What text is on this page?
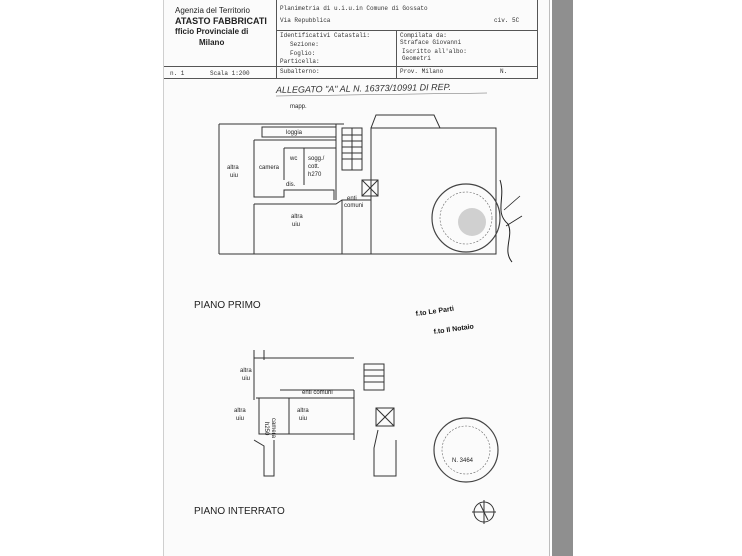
Agenzia del Territorio
ATASTO FABBRICATI
fficio Provinciale di
Milano
Planimetria di u.i.u.in Comune di Gossato
Via Repubblica	civ. 5C
Identificativi Catastali:
Sezione:
Foglio:
Particella:
Subalterno:
Compilata da:
Straface Giovanni
Iscritto all'albo:
Geometri
Prov. Milano	N.
n. 1	Scala 1:200
ALLEGATO "A" AL N. 16373/10991 DI REP.
mapp.
loggia
wc sogg./
cott.
h270
camera
dis.
altra
uiu
altra
uiu
enti
comuni
PIANO PRIMO
f.to Le Parti
f.to Il Notaio
altra
uiu
enti comuni
altra
uiu
h250 camera
altra
uiu
N. 3464
PIANO INTERRATO
